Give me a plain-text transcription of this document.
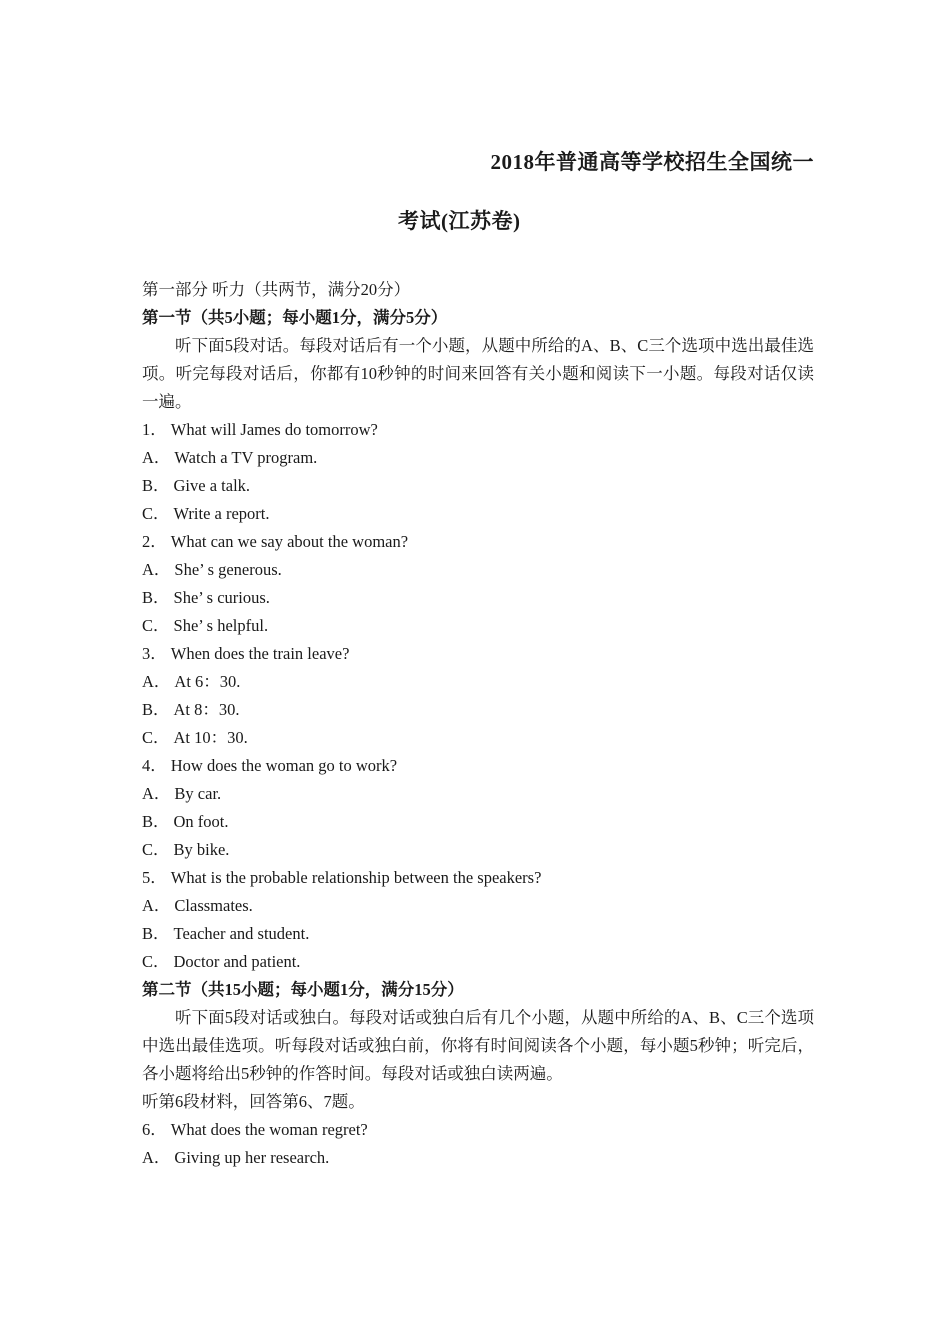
2018年普通高等学校招生全国统一
考试(江苏卷)

第一部分 听力（共两节，满分20分）

第一节（共5小题；每小题1分，满分5分）

听下面5段对话。每段对话后有一个小题，从题中所给的A、B、C三个选项中选出最佳选项。听完每段对话后，你都有10秒钟的时间来回答有关小题和阅读下一小题。每段对话仅读一遍。

1． What will James do tomorrow?

A． Watch a TV program.

B． Give a talk.

C． Write a report.

2． What can we say about the woman?

A． She’ s generous.

B． She’ s curious.

C． She’ s helpful.

3． When does the train leave?

A． At 6：30.

B． At 8：30.

C． At 10：30.

4． How does the woman go to work?

A． By car.

B． On foot.

C． By bike.

5． What is the probable relationship between the speakers?

A． Classmates.

B． Teacher and student.

C． Doctor and patient.

第二节（共15小题；每小题1分，满分15分）

听下面5段对话或独白。每段对话或独白后有几个小题，从题中所给的A、B、C三个选项中选出最佳选项。听每段对话或独白前，你将有时间阅读各个小题，每小题5秒钟；听完后，各小题将给出5秒钟的作答时间。每段对话或独白读两遍。

听第6段材料，回答第6、7题。

6． What does the woman regret?

A． Giving up her research.
